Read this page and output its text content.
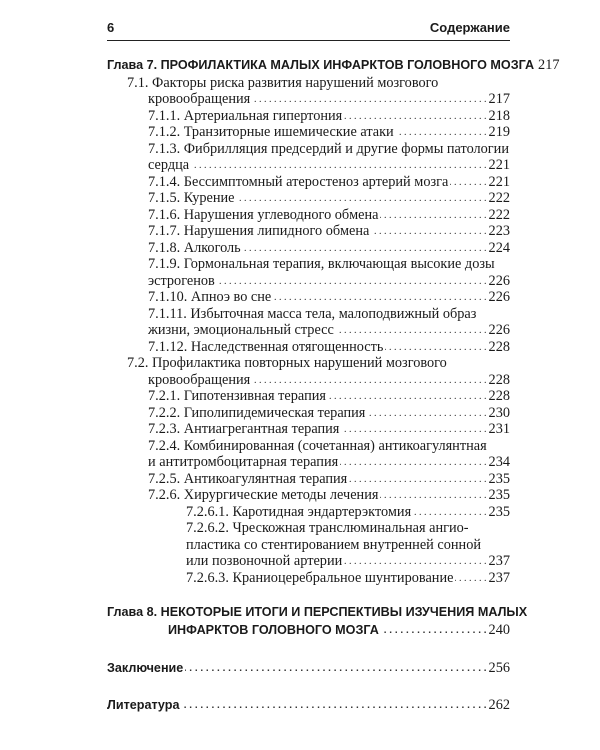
6	Содержание
Глава 7. ПРОФИЛАКТИКА МАЛЫХ ИНФАРКТОВ ГОЛОВНОГО МОЗГА 217
7.1. Факторы риска развития нарушений мозгового
кровообращения . . .	217
7.1.1. Артериальная гипертония . . .	218
7.1.2. Транзиторные ишемические атаки . . .	219
7.1.3. Фибрилляция предсердий и другие формы патологии
сердца . . .	221
7.1.4. Бессимптомный атеростеноз артерий мозга . . .	221
7.1.5. Курение . . .	222
7.1.6. Нарушения углеводного обмена . . .	222
7.1.7. Нарушения липидного обмена . . .	223
7.1.8. Алкоголь . . .	224
7.1.9. Гормональная терапия, включающая высокие дозы
эстрогенов . . .	226
7.1.10. Апноэ во сне . . .	226
7.1.11. Избыточная масса тела, малоподвижный образ
жизни, эмоциональный стресс . . .	226
7.1.12. Наследственная отягощенность . . .	228
7.2. Профилактика повторных нарушений мозгового
кровообращения . . .	228
7.2.1. Гипотензивная терапия . . .	228
7.2.2. Гиполипидемическая терапия . . .	230
7.2.3. Антиагрегантная терапия . . .	231
7.2.4. Комбинированная (сочетанная) антикоагулянтная
и антитромбоцитарная терапия . . .	234
7.2.5. Антикоагулянтная терапия . . .	235
7.2.6. Хирургические методы лечения . . .	235
7.2.6.1. Каротидная эндартерэктомия . . .	235
7.2.6.2. Чрескожная транслюминальная ангио-
пластика со стентированием внутренней сонной
или позвоночной артерии . . .	237
7.2.6.3. Краниоцеребральное шунтирование . . . 237
Глава 8. НЕКОТОРЫЕ ИТОГИ И ПЕРСПЕКТИВЫ ИЗУЧЕНИЯ МАЛЫХ
ИНФАРКТОВ ГОЛОВНОГО МОЗГА . . .	240
Заключение . . .	256
Литература . . .	262
